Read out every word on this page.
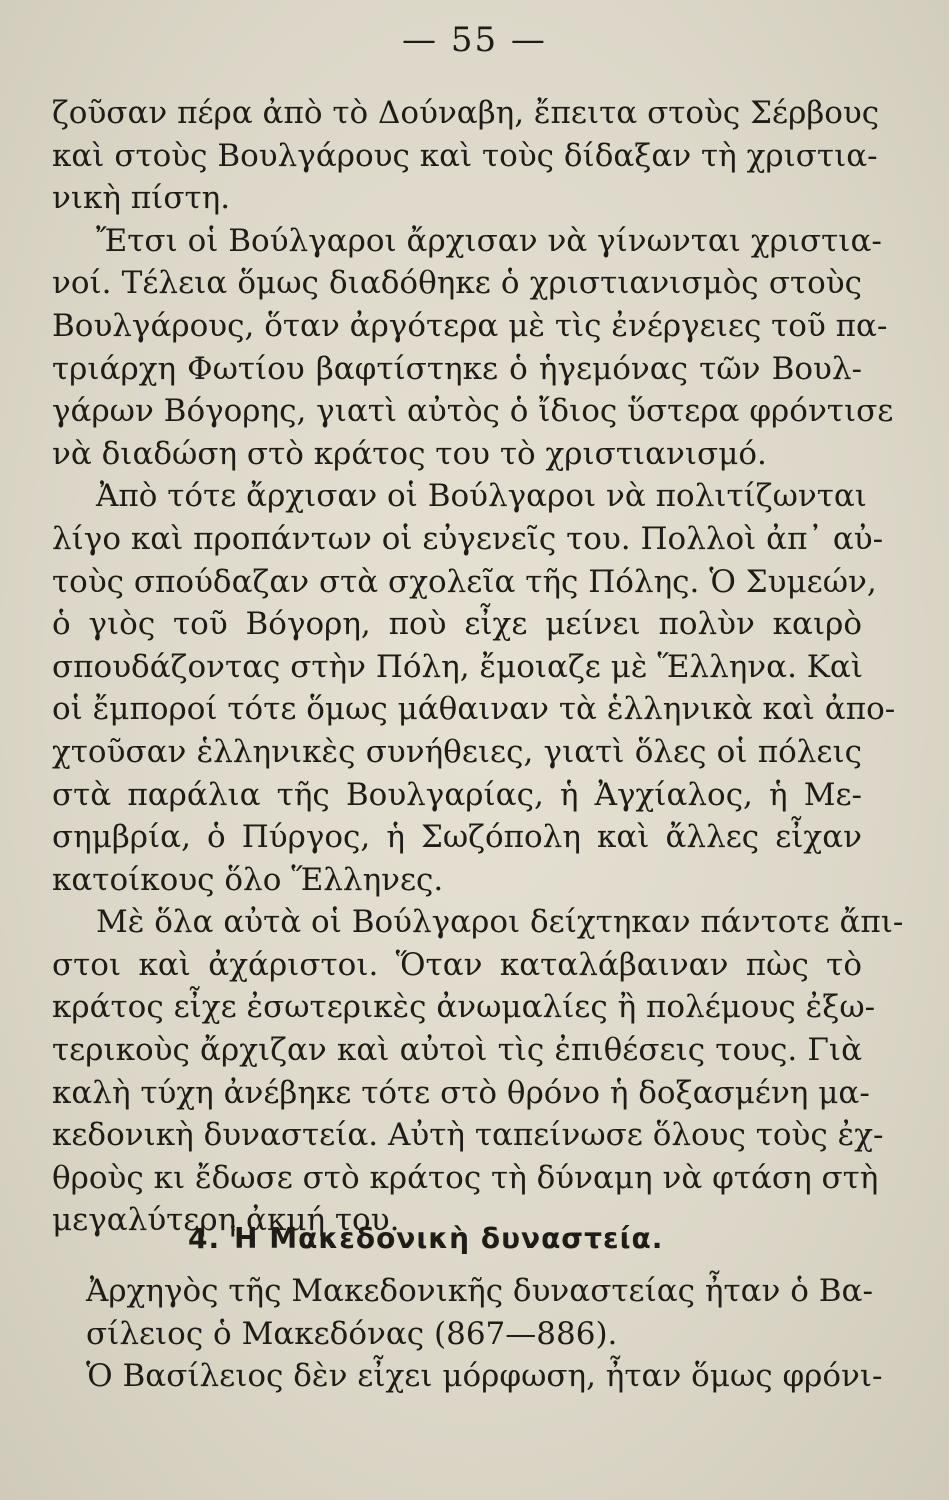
— 55 —
ζοῦσαν πέρα ἀπὸ τὸ Δούναβη, ἔπειτα στοὺς Σέρβους
καὶ στοὺς Βουλγάρους καὶ τοὺς δίδαξαν τὴ χριστια-
νικὴ πίστη.
Ἔτσι οἱ Βούλγαροι ἄρχισαν νὰ γίνωνται χριστια-
νοί. Τέλεια ὅμως διαδόθηκε ὁ χριστιανισμὸς στοὺς
Βουλγάρους, ὅταν ἀργότερα μὲ τὶς ἐνέργειες τοῦ πα-
τριάρχη Φωτίου βαφτίστηκε ὁ ἡγεμόνας τῶν Βουλ-
γάρων Βόγορης, γιατὶ αὐτὸς ὁ ἴδιος ὕστερα φρόντισε
νὰ διαδώση στὸ κράτος του τὸ χριστιανισμό.
Ἀπὸ τότε ἄρχισαν οἱ Βούλγαροι νὰ πολιτίζωνται
λίγο καὶ προπάντων οἱ εὐγενεῖς του. Πολλοὶ ἀπ᾽ αὐ-
τοὺς σπούδαζαν στὰ σχολεῖα τῆς Πόλης. Ὁ Συμεών,
ὁ γιὸς τοῦ Βόγορη, ποὺ εἶχε μείνει πολὺν καιρὸ
σπουδάζοντας στὴν Πόλη, ἔμοιαζε μὲ Ἕλληνα. Καὶ
οἱ ἔμποροί τότε ὅμως μάθαιναν τὰ ἑλληνικὰ καὶ ἀπο-
χτοῦσαν ἑλληνικὲς συνήθειες, γιατὶ ὅλες οἱ πόλεις
στὰ παράλια τῆς Βουλγαρίας, ἡ Ἀγχίαλος, ἡ Με-
σημβρία, ὁ Πύργος, ἡ Σωζόπολη καὶ ἄλλες εἶχαν
κατοίκους ὅλο Ἕλληνες.
Μὲ ὅλα αὐτὰ οἱ Βούλγαροι δείχτηκαν πάντοτε ἄπι-
στοι καὶ ἀχάριστοι. Ὅταν καταλάβαιναν πὼς τὸ
κράτος εἶχε ἐσωτερικὲς ἀνωμαλίες ἢ πολέμους ἐξω-
τερικοὺς ἄρχιζαν καὶ αὐτοὶ τὶς ἐπιθέσεις τους. Γιὰ
καλὴ τύχη ἀνέβηκε τότε στὸ θρόνο ἡ δοξασμένη μα-
κεδονικὴ δυναστεία. Αὐτὴ ταπείνωσε ὅλους τοὺς ἐχ-
θροὺς κι ἔδωσε στὸ κράτος τὴ δύναμη νὰ φτάση στὴ
μεγαλύτερη ἀκμή του.
4. Ἡ Μακεδονικὴ δυναστεία.
Ἀρχηγὸς τῆς Μακεδονικῆς δυναστείας ἦταν ὁ Βα-
σίλειος ὁ Μακεδόνας (867—886).
Ὁ Βασίλειος δὲν εἶχει μόρφωση, ἦταν ὅμως φρόνι-
